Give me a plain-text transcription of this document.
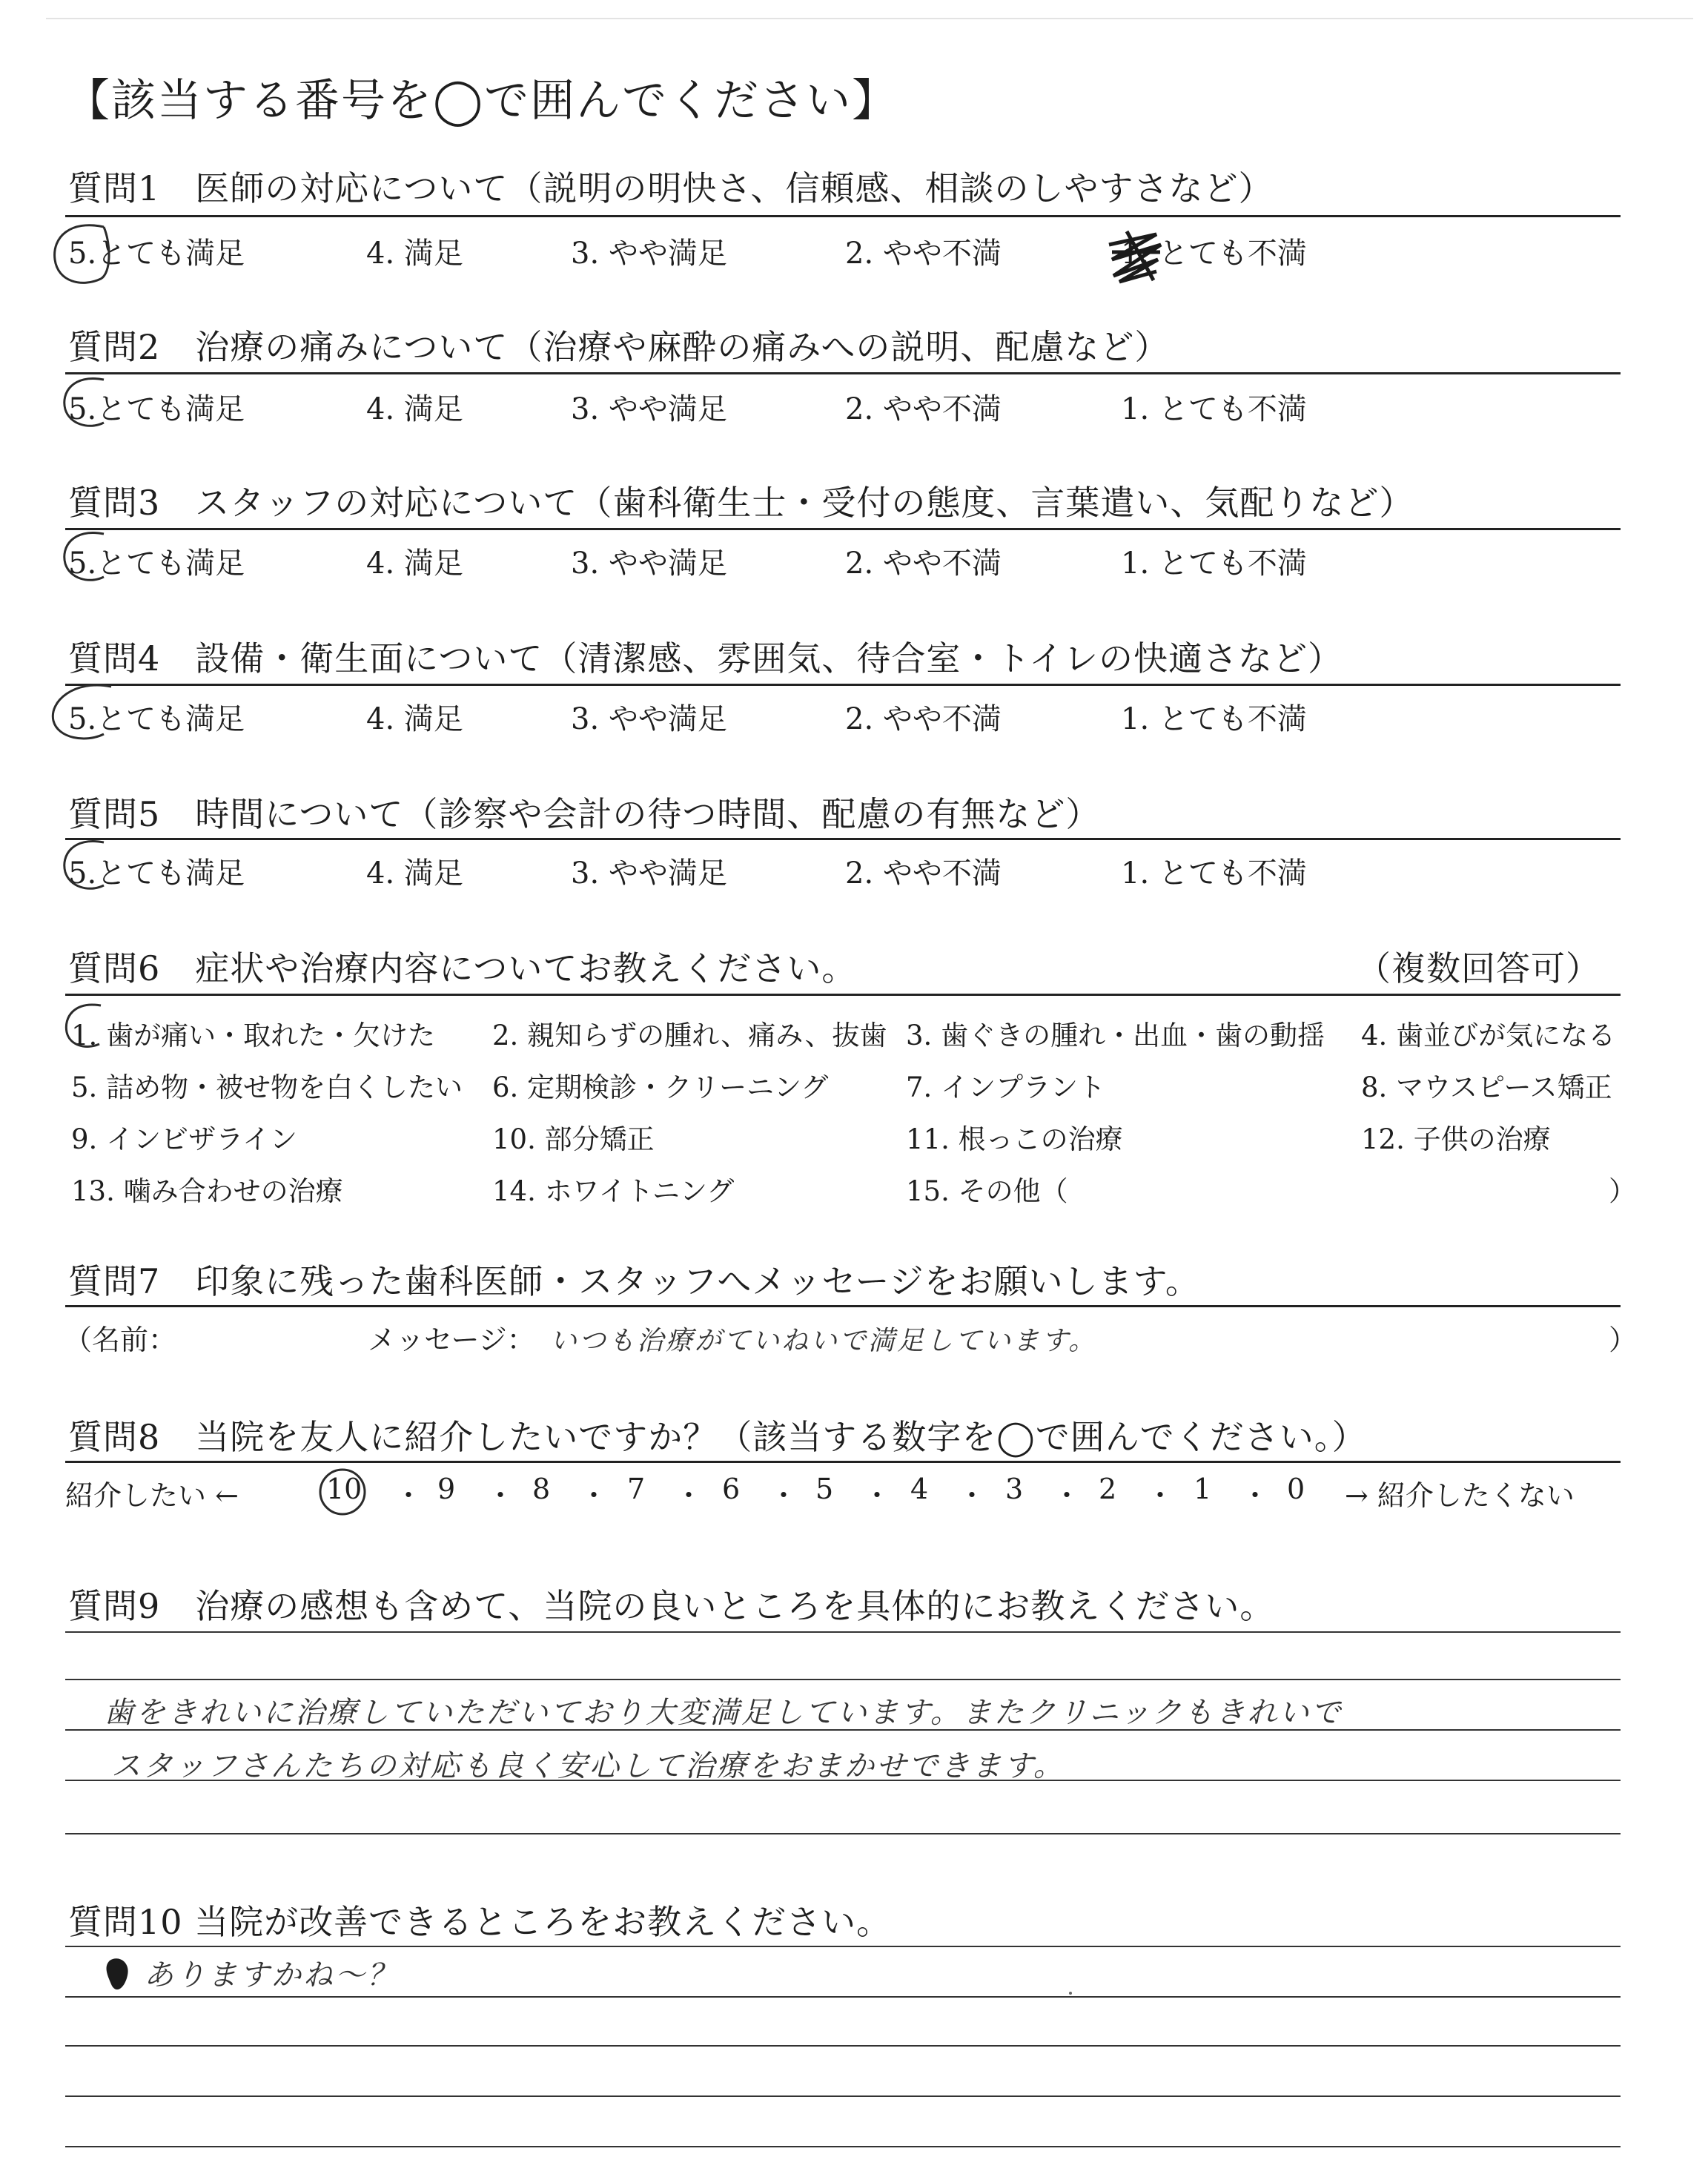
【該当する番号を◯で囲んでください】
質問1　医師の対応について（説明の明快さ、信頼感、相談のしやすさなど）
5.とても満足	4. 満足	3. やや満足	2. やや不満	1. とても不満
質問2　治療の痛みについて（治療や麻酔の痛みへの説明、配慮など）
5.とても満足	4. 満足	3. やや満足	2. やや不満	1. とても不満
質問3　スタッフの対応について（歯科衛生士・受付の態度、言葉遣い、気配りなど）
5.とても満足	4. 満足	3. やや満足	2. やや不満	1. とても不満
質問4　設備・衛生面について（清潔感、雰囲気、待合室・トイレの快適さなど）
5.とても満足	4. 満足	3. やや満足	2. やや不満	1. とても不満
質問5　時間について（診察や会計の待つ時間、配慮の有無など）
5.とても満足	4. 満足	3. やや満足	2. やや不満	1. とても不満
質問6　症状や治療内容についてお教えください。	（複数回答可）
1. 歯が痛い・取れた・欠けた 2. 親知らずの腫れ、痛み、抜歯 3. 歯ぐきの腫れ・出血・歯の動揺 4. 歯並びが気になる
5. 詰め物・被せ物を白くしたい 6. 定期検診・クリーニング	7. インプラント	8. マウスピース矯正
9. インビザライン	10. 部分矯正	11. 根っこの治療	12. 子供の治療
13. 噛み合わせの治療	14. ホワイトニング	15. その他（	）
質問7　印象に残った歯科医師・スタッフへメッセージをお願いします。
（名前：	メッセージ： いつも治療がていねいで満足しています。	）
質問8　当院を友人に紹介したいですか？（該当する数字を◯で囲んでください。）
紹介したい ←	10 ・ 9 ・ 8 ・ 7 ・ 6 ・ 5 ・ 4 ・ 3 ・ 2 ・ 1 ・ 0 → 紹介したくない
質問9　治療の感想も含めて、当院の良いところを具体的にお教えください。
歯をきれいに治療していただいており大変満足しています。またクリニックもきれいで
スタッフさんたちの対応も良く安心して治療をおまかせできます。
質問10 当院が改善できるところをお教えください。
ありますかね〜？
